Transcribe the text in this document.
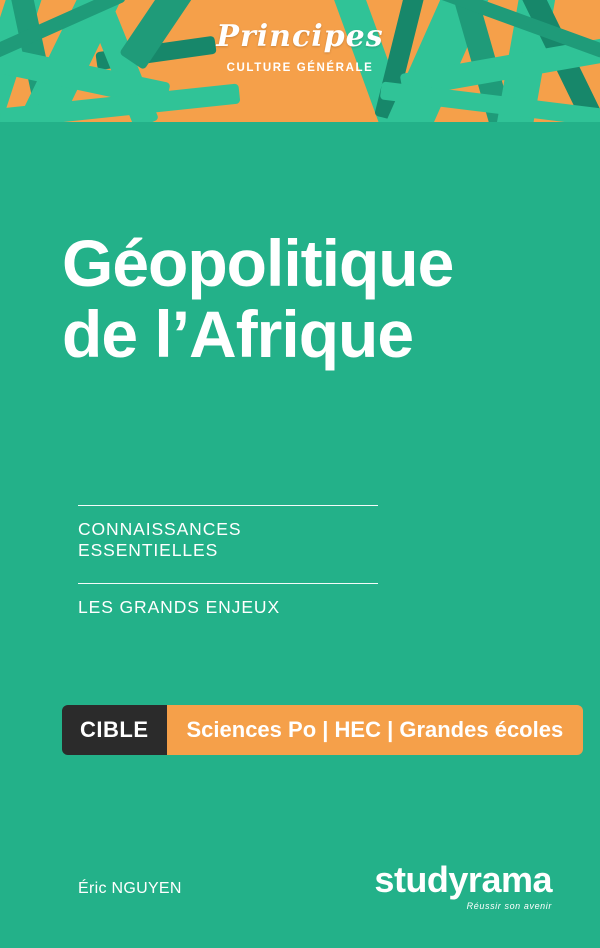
Principes
CULTURE GÉNÉRALE
Géopolitique
de l’Afrique
CONNAISSANCES ESSENTIELLES
LES GRANDS ENJEUX
CIBLE	Sciences Po | HEC | Grandes écoles
Éric NGUYEN	studyrama
Réussir son avenir
